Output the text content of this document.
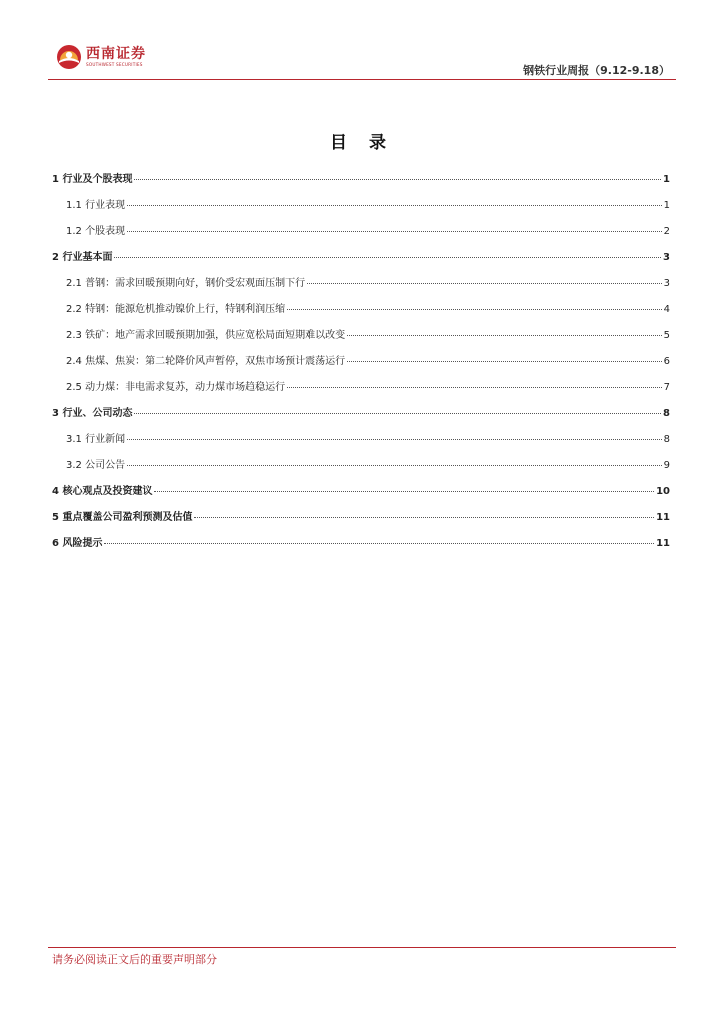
西南证券
SOUTHWEST SECURITIES	钢铁行业周报（9.12-9.18）
目 录
1 行业及个股表现	1
1.1 行业表现	1
1.2 个股表现	2
2 行业基本面	3
2.1 普钢：需求回暖预期向好，钢价受宏观面压制下行	3
2.2 特钢：能源危机推动镍价上行，特钢利润压缩	4
2.3 铁矿：地产需求回暖预期加强，供应宽松局面短期难以改变	5
2.4 焦煤、焦炭：第二轮降价风声暂停，双焦市场预计震荡运行	6
2.5 动力煤：非电需求复苏，动力煤市场趋稳运行	7
3 行业、公司动态	8
3.1 行业新闻	8
3.2 公司公告	9
4 核心观点及投资建议	10
5 重点覆盖公司盈利预测及估值	11
6 风险提示	11
请务必阅读正文后的重要声明部分
